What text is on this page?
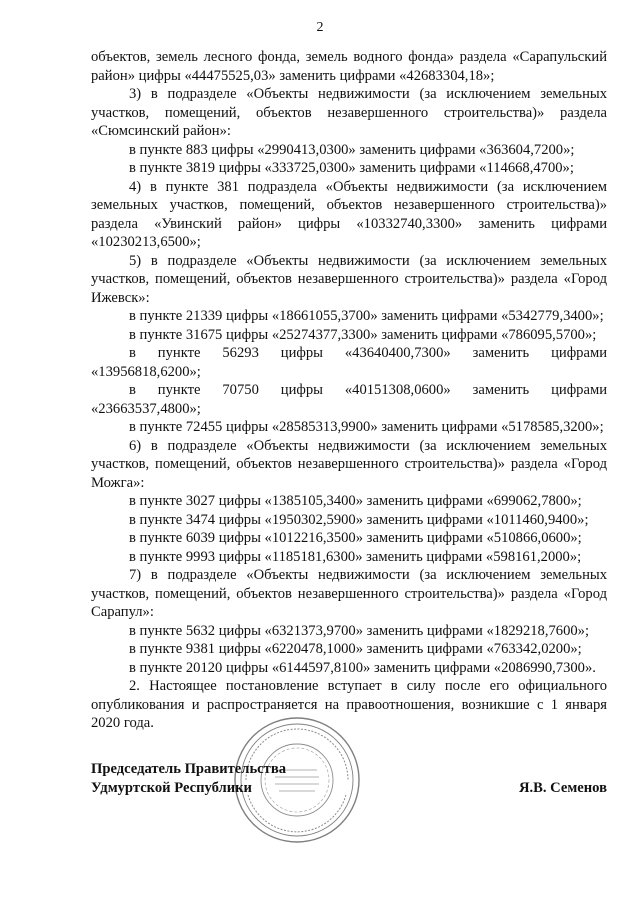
2

объектов, земель лесного фонда, земель водного фонда» раздела «Сарапульский район» цифры «44475525,03» заменить цифрами «42683304,18»;

3) в подразделе «Объекты недвижимости (за исключением земельных участков, помещений, объектов незавершенного строительства)» раздела «Сюмсинский район»:

в пункте 883 цифры «2990413,0300» заменить цифрами «363604,7200»;

в пункте 3819 цифры «333725,0300» заменить цифрами «114668,4700»;

4) в пункте 381 подраздела «Объекты недвижимости (за исключением земельных участков, помещений, объектов незавершенного строительства)» раздела «Увинский район» цифры «10332740,3300» заменить цифрами «10230213,6500»;

5) в подразделе «Объекты недвижимости (за исключением земельных участков, помещений, объектов незавершенного строительства)» раздела «Город Ижевск»:

в пункте 21339 цифры «18661055,3700» заменить цифрами «5342779,3400»;

в пункте 31675 цифры «25274377,3300» заменить цифрами «786095,5700»;

в пункте 56293 цифры «43640400,7300» заменить цифрами «13956818,6200»;

в пункте 70750 цифры «40151308,0600» заменить цифрами «23663537,4800»;

в пункте 72455 цифры «28585313,9900» заменить цифрами «5178585,3200»;

6) в подразделе «Объекты недвижимости (за исключением земельных участков, помещений, объектов незавершенного строительства)» раздела «Город Можга»:

в пункте 3027 цифры «1385105,3400» заменить цифрами «699062,7800»;

в пункте 3474 цифры «1950302,5900» заменить цифрами «1011460,9400»;

в пункте 6039 цифры «1012216,3500» заменить цифрами «510866,0600»;

в пункте 9993 цифры «1185181,6300» заменить цифрами «598161,2000»;

7) в подразделе «Объекты недвижимости (за исключением земельных участков, помещений, объектов незавершенного строительства)» раздела «Город Сарапул»:

в пункте 5632 цифры «6321373,9700» заменить цифрами «1829218,7600»;

в пункте 9381 цифры «6220478,1000» заменить цифрами «763342,0200»;

в пункте 20120 цифры «6144597,8100» заменить цифрами «2086990,7300».

2. Настоящее постановление вступает в силу после его официального опубликования и распространяется на правоотношения, возникшие с 1 января 2020 года.

Председатель Правительства
Удмуртской Республики	Я.В. Семенов
